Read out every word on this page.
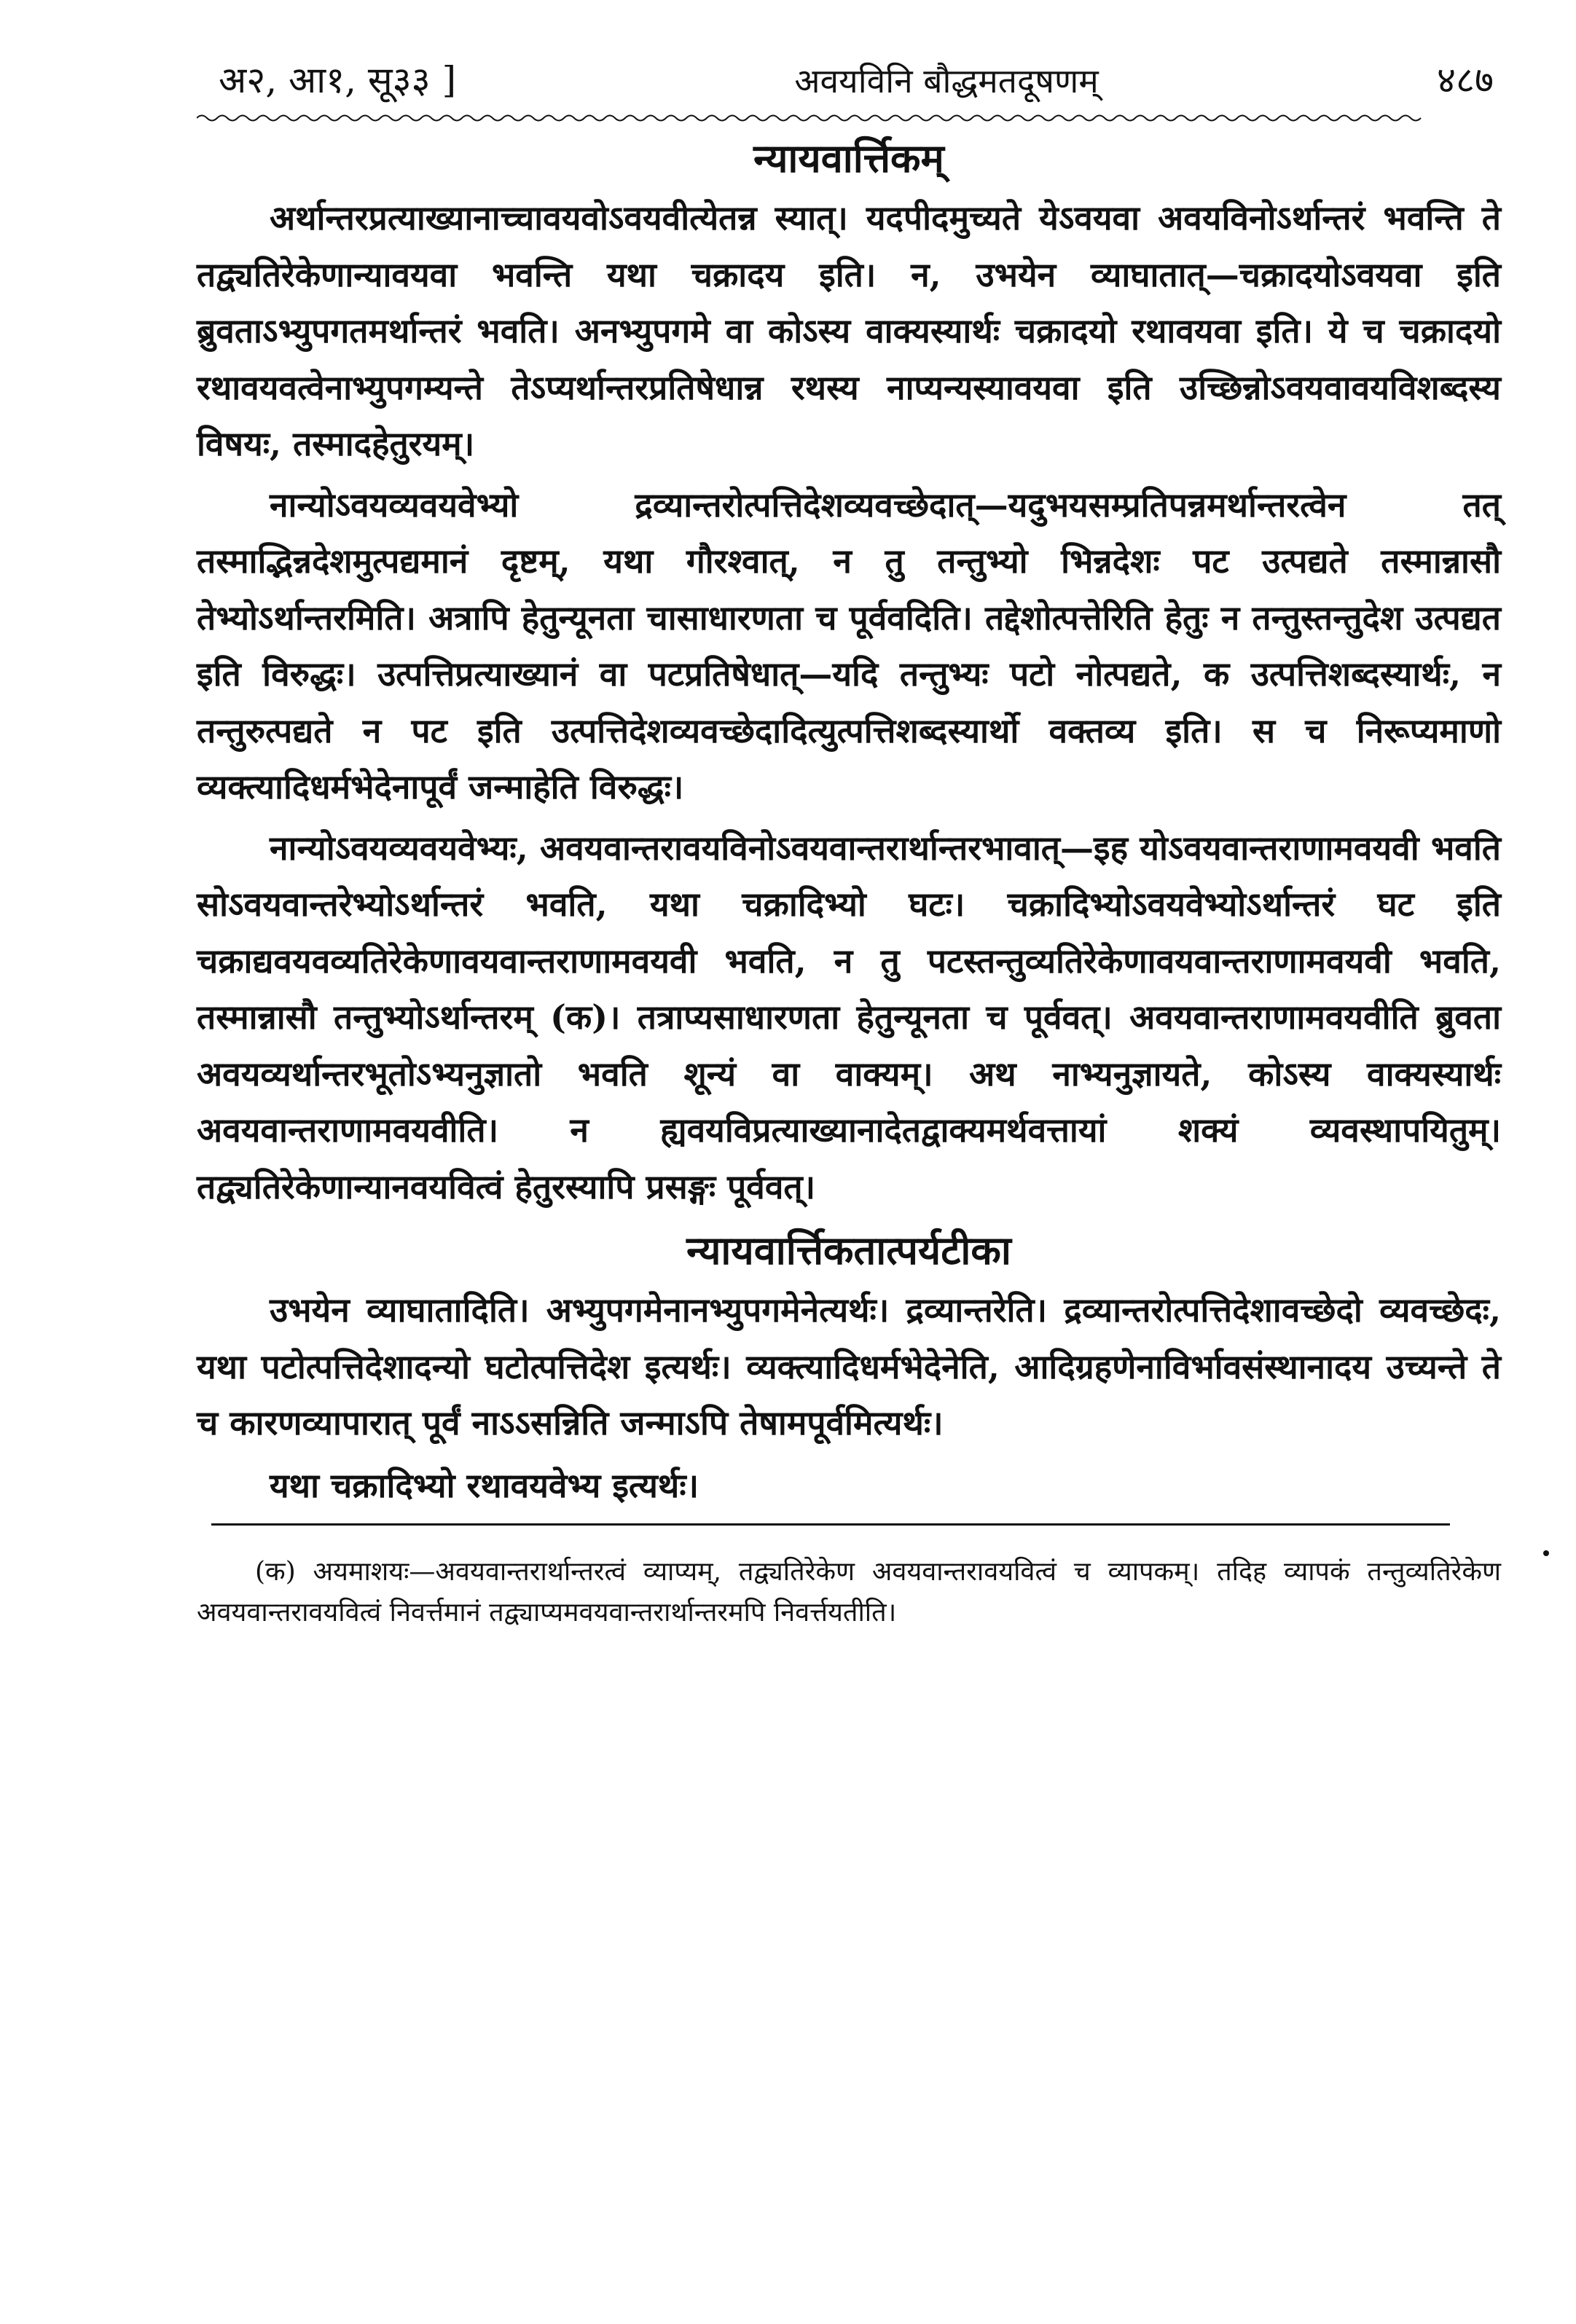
अ२, आ१, सू३३ ]	अवयविनि बौद्धमतदूषणम्	४८७
न्यायवार्त्तिकम्

अर्थान्तरप्रत्याख्यानाच्चावयवोऽवयवीत्येतन्न स्यात्। यदपीदमुच्यते येऽवयवा अवयविनोऽर्थान्तरं भवन्ति ते तद्व्यतिरेकेणान्यावयवा भवन्ति यथा चक्रादय इति। न, उभयेन व्याघातात्—चक्रादयोऽवयवा इति ब्रुवताऽभ्युपगतमर्थान्तरं भवति। अनभ्युपगमे वा कोऽस्य वाक्यस्यार्थः चक्रादयो रथावयवा इति। ये च चक्रादयो रथावयवत्वेनाभ्युपगम्यन्ते तेऽप्यर्थान्तरप्रतिषेधान्न रथस्य नाप्यन्यस्यावयवा इति उच्छिन्नोऽवयवावयविशब्दस्य विषयः, तस्मादहेतुरयम्।

नान्योऽवयव्यवयवेभ्यो द्रव्यान्तरोत्पत्तिदेशव्यवच्छेदात्—यदुभयसम्प्रतिपन्नमर्थान्तरत्वेन तत् तस्माद्भिन्नदेशमुत्पद्यमानं दृष्टम्, यथा गौरश्वात्, न तु तन्तुभ्यो भिन्नदेशः पट उत्पद्यते तस्मान्नासौ तेभ्योऽर्थान्तरमिति। अत्रापि हेतुन्यूनता चासाधारणता च पूर्ववदिति। तद्देशोत्पत्तेरिति हेतुः न तन्तुस्तन्तुदेश उत्पद्यत इति विरुद्धः। उत्पत्तिप्रत्याख्यानं वा पटप्रतिषेधात्—यदि तन्तुभ्यः पटो नोत्पद्यते, क उत्पत्तिशब्दस्यार्थः, न तन्तुरुत्पद्यते न पट इति उत्पत्तिदेशव्यवच्छेदादित्युत्पत्तिशब्दस्यार्थो वक्तव्य इति। स च निरूप्यमाणो व्यक्त्यादिधर्मभेदेनापूर्वं जन्माहेति विरुद्धः।

नान्योऽवयव्यवयवेभ्यः, अवयवान्तरावयविनोऽवयवान्तरार्थान्तरभावात्—इह योऽवयवान्तराणामवयवी भवति सोऽवयवान्तरेभ्योऽर्थान्तरं भवति, यथा चक्रादिभ्यो घटः। चक्रादिभ्योऽवयवेभ्योऽर्थान्तरं घट इति चक्राद्यवयवव्यतिरेकेणावयवान्तराणामवयवी भवति, न तु पटस्तन्तुव्यतिरेकेणावयवान्तराणामवयवी भवति, तस्मान्नासौ तन्तुभ्योऽर्थान्तरम् (क)। तत्राप्यसाधारणता हेतुन्यूनता च पूर्ववत्। अवयवान्तराणामवयवीति ब्रुवता अवयव्यर्थान्तरभूतोऽभ्यनुज्ञातो भवति शून्यं वा वाक्यम्। अथ नाभ्यनुज्ञायते, कोऽस्य वाक्यस्यार्थः अवयवान्तराणामवयवीति। न ह्यवयविप्रत्याख्यानादेतद्वाक्यमर्थवत्तायां शक्यं व्यवस्थापयितुम्। तद्व्यतिरेकेणान्यानवयवित्वं हेतुरस्यापि प्रसङ्गः पूर्ववत्।

न्यायवार्त्तिकतात्पर्यटीका

उभयेन व्याघातादिति। अभ्युपगमेनानभ्युपगमेनेत्यर्थः। द्रव्यान्तरेति। द्रव्यान्तरोत्पत्तिदेशावच्छेदो व्यवच्छेदः, यथा पटोत्पत्तिदेशादन्यो घटोत्पत्तिदेश इत्यर्थः। व्यक्त्यादिधर्मभेदेनेति, आदिग्रहणेनाविर्भावसंस्थानादय उच्यन्ते ते च कारणव्यापारात् पूर्वं नाऽऽसन्निति जन्माऽपि तेषामपूर्वमित्यर्थः।

यथा चक्रादिभ्यो रथावयवेभ्य इत्यर्थः।

(क) अयमाशयः—अवयवान्तरार्थान्तरत्वं व्याप्यम्, तद्व्यतिरेकेण अवयवान्तरावयवित्वं च व्यापकम्। तदिह व्यापकं तन्तुव्यतिरेकेण अवयवान्तरावयवित्वं निवर्त्तमानं तद्व्याप्यमवयवान्तरार्थान्तरमपि निवर्त्तयतीति।
